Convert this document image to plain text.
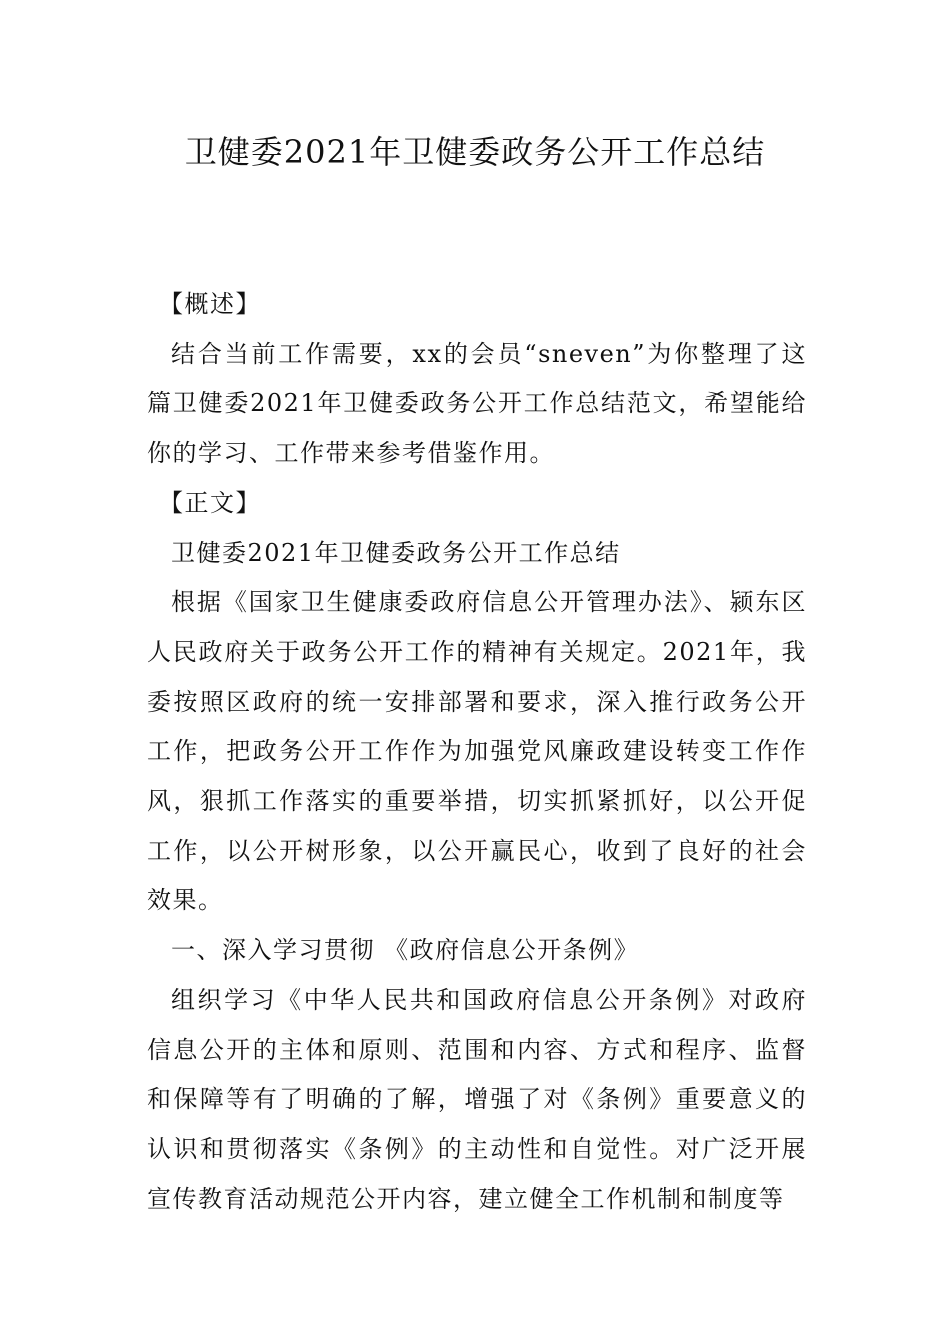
卫健委2021年卫健委政务公开工作总结

【概述】

结合当前工作需要，xx的会员“sneven”为你整理了这篇卫健委2021年卫健委政务公开工作总结范文，希望能给你的学习、工作带来参考借鉴作用。

【正文】

卫健委2021年卫健委政务公开工作总结

根据《国家卫生健康委政府信息公开管理办法》、颍东区人民政府关于政务公开工作的精神有关规定。2021年，我委按照区政府的统一安排部署和要求，深入推行政务公开工作，把政务公开工作作为加强党风廉政建设转变工作作风，狠抓工作落实的重要举措，切实抓紧抓好，以公开促工作，以公开树形象，以公开赢民心，收到了良好的社会效果。

一、深入学习贯彻 《政府信息公开条例》

组织学习《中华人民共和国政府信息公开条例》对政府信息公开的主体和原则、范围和内容、方式和程序、监督和保障等有了明确的了解，增强了对《条例》重要意义的认识和贯彻落实《条例》的主动性和自觉性。对广泛开展宣传教育活动规范公开内容，建立健全工作机制和制度等
